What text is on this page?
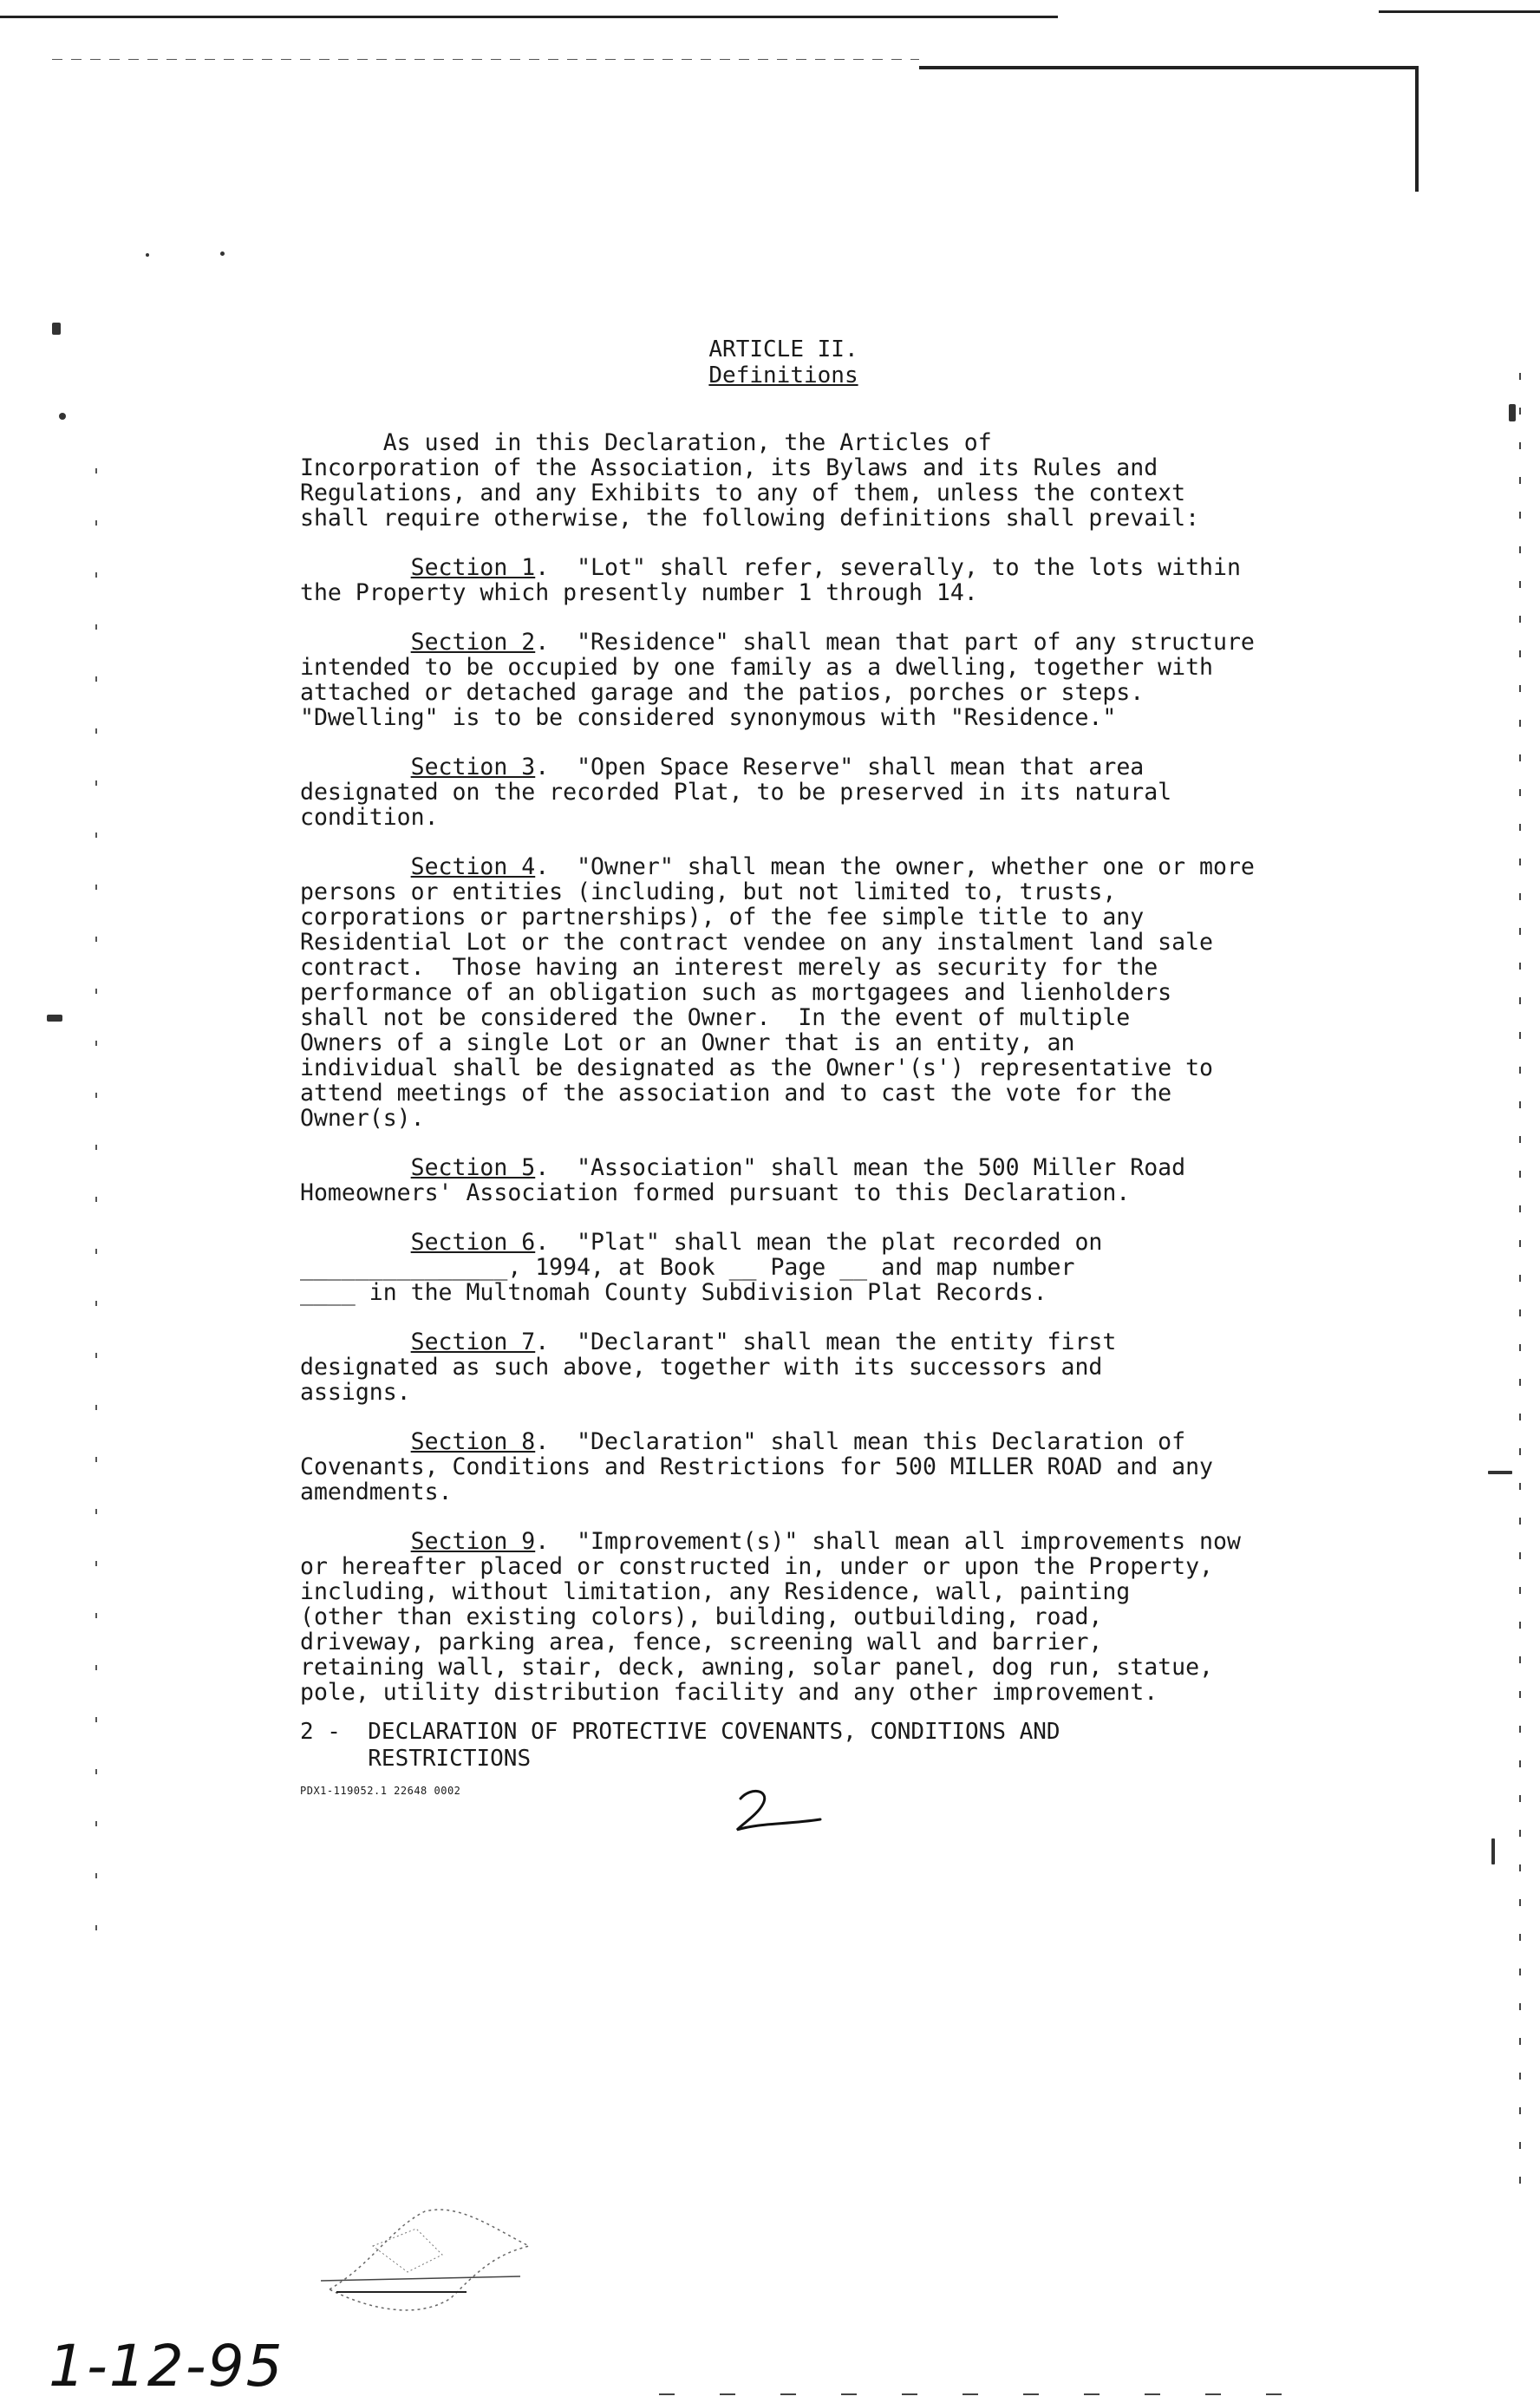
ARTICLE II.
Definitions
As used in this Declaration, the Articles of
Incorporation of the Association, its Bylaws and its Rules and
Regulations, and any Exhibits to any of them, unless the context
shall require otherwise, the following definitions shall prevail:
Section 1.  "Lot" shall refer, severally, to the lots within
the Property which presently number 1 through 14.
Section 2.  "Residence" shall mean that part of any structure
intended to be occupied by one family as a dwelling, together with
attached or detached garage and the patios, porches or steps.
"Dwelling" is to be considered synonymous with "Residence."
Section 3.  "Open Space Reserve" shall mean that area
designated on the recorded Plat, to be preserved in its natural
condition.
Section 4.  "Owner" shall mean the owner, whether one or more
persons or entities (including, but not limited to, trusts,
corporations or partnerships), of the fee simple title to any
Residential Lot or the contract vendee on any instalment land sale
contract.  Those having an interest merely as security for the
performance of an obligation such as mortgagees and lienholders
shall not be considered the Owner.  In the event of multiple
Owners of a single Lot or an Owner that is an entity, an
individual shall be designated as the Owner'(s') representative to
attend meetings of the association and to cast the vote for the
Owner(s).
Section 5.  "Association" shall mean the 500 Miller Road
Homeowners' Association formed pursuant to this Declaration.
Section 6.  "Plat" shall mean the plat recorded on
_______________, 1994, at Book __ Page __ and map number
____ in the Multnomah County Subdivision Plat Records.
Section 7.  "Declarant" shall mean the entity first
designated as such above, together with its successors and
assigns.
Section 8.  "Declaration" shall mean this Declaration of
Covenants, Conditions and Restrictions for 500 MILLER ROAD and any
amendments.
Section 9.  "Improvement(s)" shall mean all improvements now
or hereafter placed or constructed in, under or upon the Property,
including, without limitation, any Residence, wall, painting
(other than existing colors), building, outbuilding, road,
driveway, parking area, fence, screening wall and barrier,
retaining wall, stair, deck, awning, solar panel, dog run, statue,
pole, utility distribution facility and any other improvement.
2 -  DECLARATION OF PROTECTIVE COVENANTS, CONDITIONS AND
RESTRICTIONS
PDX1-119052.1 22648 0002
1-12-95
